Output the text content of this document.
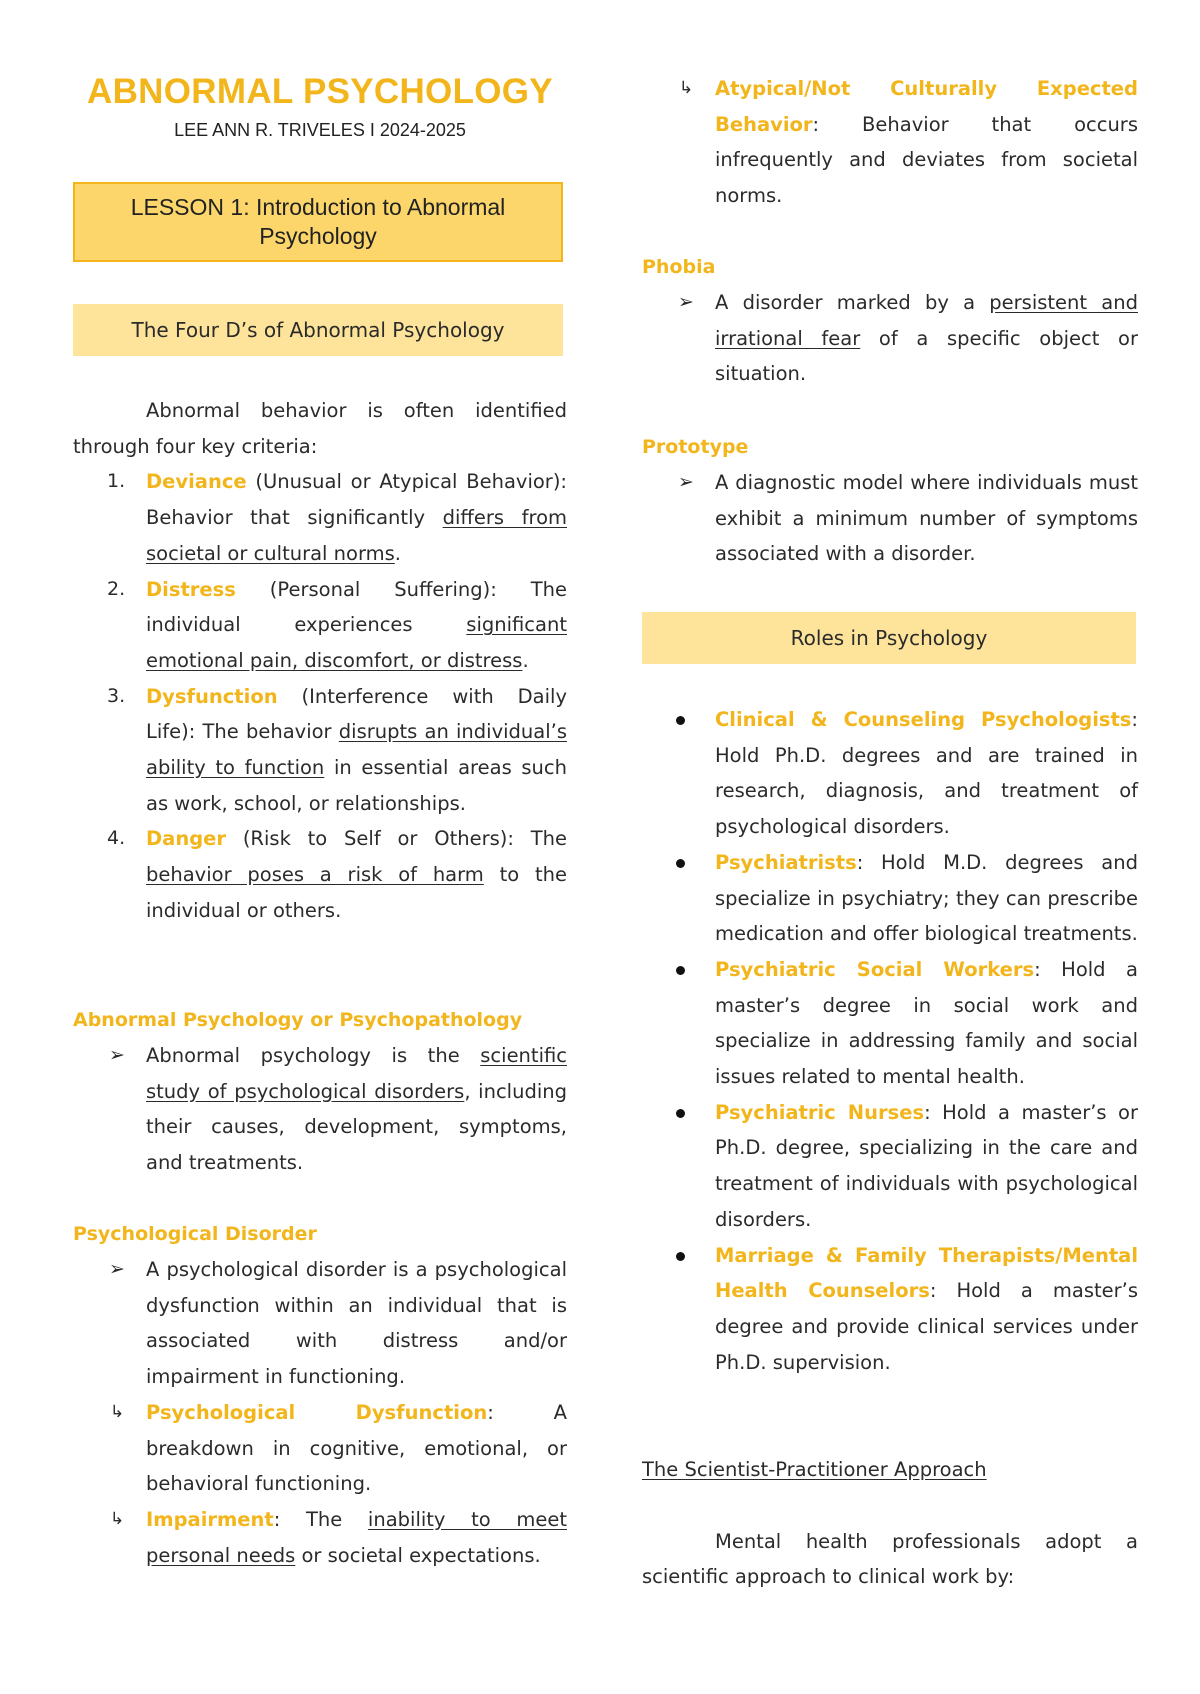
ABNORMAL PSYCHOLOGY
LEE ANN R. TRIVELES I 2024-2025
LESSON 1: Introduction to Abnormal Psychology
The Four D’s of Abnormal Psychology

Abnormal behavior is often identified through four key criteria:

1. Deviance (Unusual or Atypical Behavior): Behavior that significantly differs from societal or cultural norms.
2. Distress (Personal Suffering): The individual experiences significant emotional pain, discomfort, or distress.
3. Dysfunction (Interference with Daily Life): The behavior disrupts an individual’s ability to function in essential areas such as work, school, or relationships.
4. Danger (Risk to Self or Others): The behavior poses a risk of harm to the individual or others.

Abnormal Psychology or Psychopathology

➢ Abnormal psychology is the scientific study of psychological disorders, including their causes, development, symptoms, and treatments.

Psychological Disorder

➢ A psychological disorder is a psychological dysfunction within an individual that is associated with distress and/or impairment in functioning.
↳ Psychological Dysfunction: A breakdown in cognitive, emotional, or behavioral functioning.
↳ Impairment: The inability to meet personal needs or societal expectations.
↳ Atypical/Not Culturally Expected Behavior: Behavior that occurs infrequently and deviates from societal norms.

Phobia

➢ A disorder marked by a persistent and irrational fear of a specific object or situation.

Prototype

➢ A diagnostic model where individuals must exhibit a minimum number of symptoms associated with a disorder.
Roles in Psychology
Clinical & Counseling Psychologists: Hold Ph.D. degrees and are trained in research, diagnosis, and treatment of psychological disorders.
Psychiatrists: Hold M.D. degrees and specialize in psychiatry; they can prescribe medication and offer biological treatments.
Psychiatric Social Workers: Hold a master’s degree in social work and specialize in addressing family and social issues related to mental health.
Psychiatric Nurses: Hold a master’s or Ph.D. degree, specializing in the care and treatment of individuals with psychological disorders.
Marriage & Family Therapists/Mental Health Counselors: Hold a master’s degree and provide clinical services under Ph.D. supervision.

The Scientist-Practitioner Approach

Mental health professionals adopt a scientific approach to clinical work by:
